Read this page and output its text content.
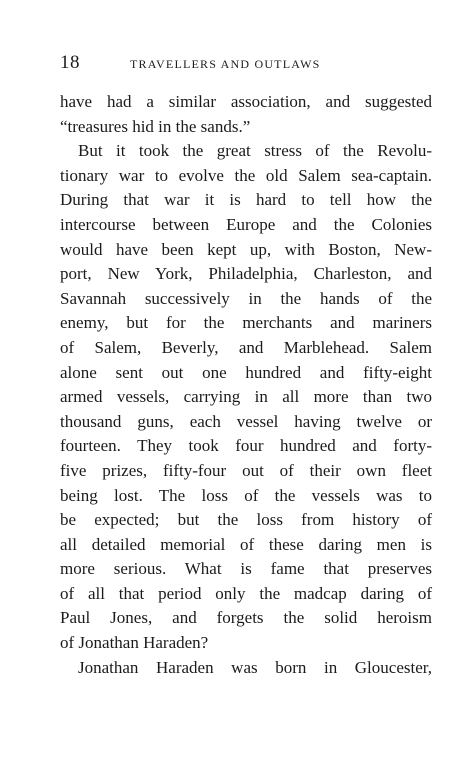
18	TRAVELLERS AND OUTLAWS
have had a similar association, and suggested
“treasures hid in the sands.”
But it took the great stress of the Revolu-
tionary war to evolve the old Salem sea-captain.
During that war it is hard to tell how the
intercourse between Europe and the Colonies
would have been kept up, with Boston, New-
port, New York, Philadelphia, Charleston, and
Savannah successively in the hands of the
enemy, but for the merchants and mariners
of Salem, Beverly, and Marblehead. Salem
alone sent out one hundred and fifty-eight
armed vessels, carrying in all more than two
thousand guns, each vessel having twelve or
fourteen. They took four hundred and forty-
five prizes, fifty-four out of their own fleet
being lost. The loss of the vessels was to
be expected; but the loss from history of
all detailed memorial of these daring men is
more serious. What is fame that preserves
of all that period only the madcap daring of
Paul Jones, and forgets the solid heroism
of Jonathan Haraden?
Jonathan Haraden was born in Gloucester,
